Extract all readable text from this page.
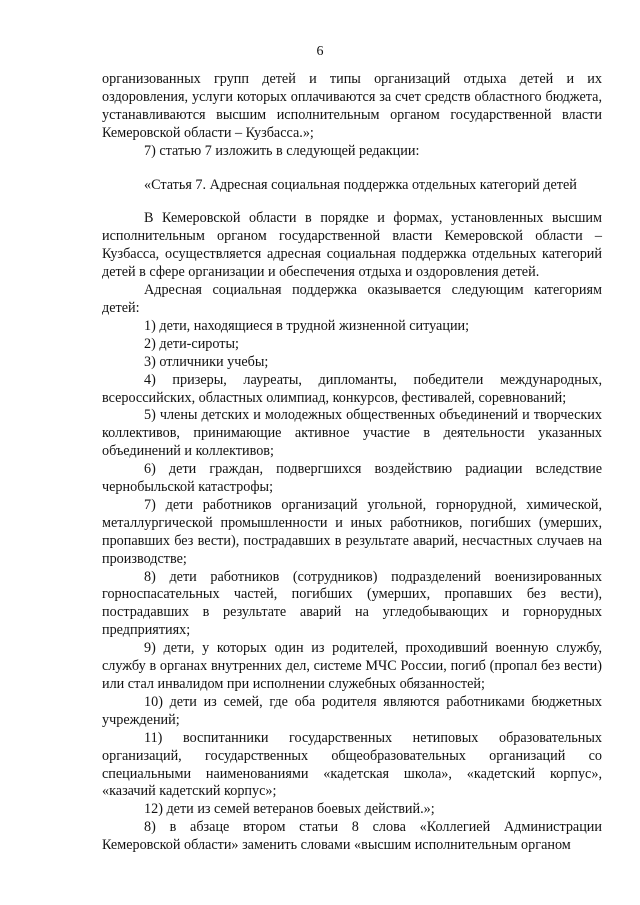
6

организованных групп детей и типы организаций отдыха детей и их оздоровления, услуги которых оплачиваются за счет средств областного бюджета, устанавливаются высшим исполнительным органом государственной власти Кемеровской области – Кузбасса.»;

7) статью 7 изложить в следующей редакции:

«Статья 7. Адресная социальная поддержка отдельных категорий детей

В Кемеровской области в порядке и формах, установленных высшим исполнительным органом государственной власти Кемеровской области – Кузбасса, осуществляется адресная социальная поддержка отдельных категорий детей в сфере организации и обеспечения отдыха и оздоровления детей.

Адресная социальная поддержка оказывается следующим категориям детей:

1) дети, находящиеся в трудной жизненной ситуации;

2) дети-сироты;

3) отличники учебы;

4) призеры, лауреаты, дипломанты, победители международных, всероссийских, областных олимпиад, конкурсов, фестивалей, соревнований;

5) члены детских и молодежных общественных объединений и творческих коллективов, принимающие активное участие в деятельности указанных объединений и коллективов;

6) дети граждан, подвергшихся воздействию радиации вследствие чернобыльской катастрофы;

7) дети работников организаций угольной, горнорудной, химической, металлургической промышленности и иных работников, погибших (умерших, пропавших без вести), пострадавших в результате аварий, несчастных случаев на производстве;

8) дети работников (сотрудников) подразделений военизированных горноспасательных частей, погибших (умерших, пропавших без вести), пострадавших в результате аварий на угледобывающих и горнорудных предприятиях;

9) дети, у которых один из родителей, проходивший военную службу, службу в органах внутренних дел, системе МЧС России, погиб (пропал без вести) или стал инвалидом при исполнении служебных обязанностей;

10) дети из семей, где оба родителя являются работниками бюджетных учреждений;

11) воспитанники государственных нетиповых образовательных организаций, государственных общеобразовательных организаций со специальными наименованиями «кадетская школа», «кадетский корпус», «казачий кадетский корпус»;

12) дети из семей ветеранов боевых действий.»;

8) в абзаце втором статьи 8 слова «Коллегией Администрации Кемеровской области» заменить словами «высшим исполнительным органом
